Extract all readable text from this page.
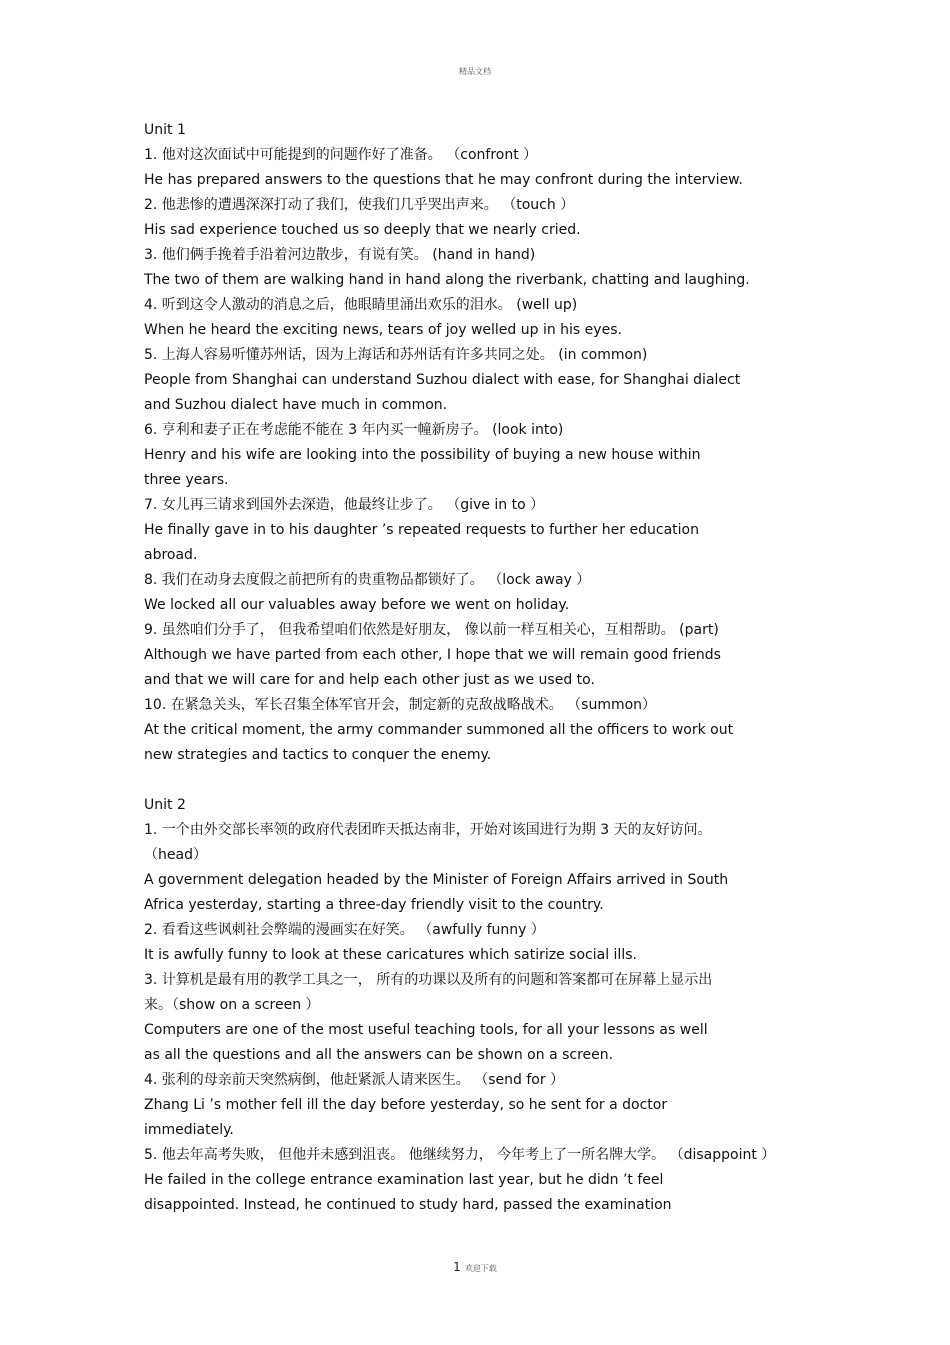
精品文档
Unit 1
1. 他对这次面试中可能提到的问题作好了准备。 （confront ）
He has prepared answers to the questions that he may confront during the interview.
2. 他悲惨的遭遇深深打动了我们，使我们几乎哭出声来。 （touch ）
His sad experience touched us so deeply that we nearly cried.
3. 他们俩手挽着手沿着河边散步，有说有笑。 (hand in hand)
The two of them are walking hand in hand along the riverbank, chatting and laughing.
4. 听到这令人激动的消息之后，他眼睛里涌出欢乐的泪水。 (well up)
When he heard the exciting news, tears of joy welled up in his eyes.
5. 上海人容易听懂苏州话，因为上海话和苏州话有许多共同之处。 (in common)
People from Shanghai can understand Suzhou dialect with ease, for Shanghai dialect
and Suzhou dialect have much in common.
6. 亨利和妻子正在考虑能不能在 3 年内买一幢新房子。 (look into)
Henry and his wife are looking into the possibility of buying a new house within
three years.
7. 女儿再三请求到国外去深造，他最终让步了。 （give in to ）
He finally gave in to his daughter ’s repeated requests to further her education
abroad.
8. 我们在动身去度假之前把所有的贵重物品都锁好了。 （lock away ）
We locked all our valuables away before we went on holiday.
9. 虽然咱们分手了， 但我希望咱们依然是好朋友， 像以前一样互相关心，互相帮助。 (part)
Although we have parted from each other, I hope that we will remain good friends
and that we will care for and help each other just as we used to.
10. 在紧急关头，军长召集全体军官开会，制定新的克敌战略战术。 （summon）
At the critical moment, the army commander summoned all the officers to work out
new strategies and tactics to conquer the enemy.
Unit 2
1. 一个由外交部长率领的政府代表团昨天抵达南非，开始对该国进行为期 3 天的友好访问。
（head）
A government delegation headed by the Minister of Foreign Affairs arrived in South
Africa yesterday, starting a three-day friendly visit to the country.
2. 看看这些讽刺社会弊端的漫画实在好笑。 （awfully funny ）
It is awfully funny to look at these caricatures which satirize social ills.
3. 计算机是最有用的教学工具之一， 所有的功课以及所有的问题和答案都可在屏幕上显示出
来。（show on a screen ）
Computers are one of the most useful teaching tools, for all your lessons as well
as all the questions and all the answers can be shown on a screen.
4. 张利的母亲前天突然病倒，他赶紧派人请来医生。 （send for ）
Zhang Li ’s mother fell ill the day before yesterday, so he sent for a doctor
immediately.
5. 他去年高考失败， 但他并未感到沮丧。 他继续努力， 今年考上了一所名牌大学。 （disappoint ）
He failed in the college entrance examination last year, but he didn ’t feel
disappointed. Instead, he continued to study hard, passed the examination
1 欢迎下载
